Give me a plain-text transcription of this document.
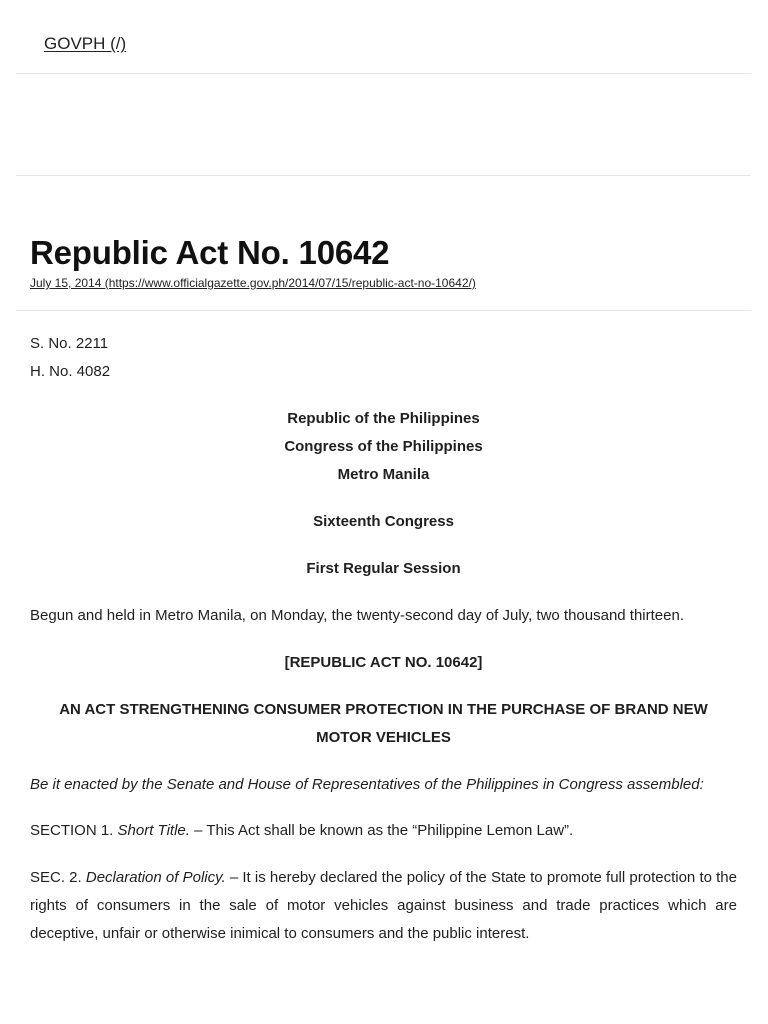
GOVPH (/)
Republic Act No. 10642
July 15, 2014 (https://www.officialgazette.gov.ph/2014/07/15/republic-act-no-10642/)

S. No. 2211

H. No. 4082

Republic of the Philippines

Congress of the Philippines

Metro Manila

Sixteenth Congress

First Regular Session

Begun and held in Metro Manila, on Monday, the twenty-second day of July, two thousand thirteen.

[REPUBLIC ACT NO. 10642]

AN ACT STRENGTHENING CONSUMER PROTECTION IN THE PURCHASE OF BRAND NEW MOTOR VEHICLES

Be it enacted by the Senate and House of Representatives of the Philippines in Congress assembled:

SECTION 1. Short Title. – This Act shall be known as the “Philippine Lemon Law”.

SEC. 2. Declaration of Policy. – It is hereby declared the policy of the State to promote full protection to the rights of consumers in the sale of motor vehicles against business and trade practices which are deceptive, unfair or otherwise inimical to consumers and the public interest.
